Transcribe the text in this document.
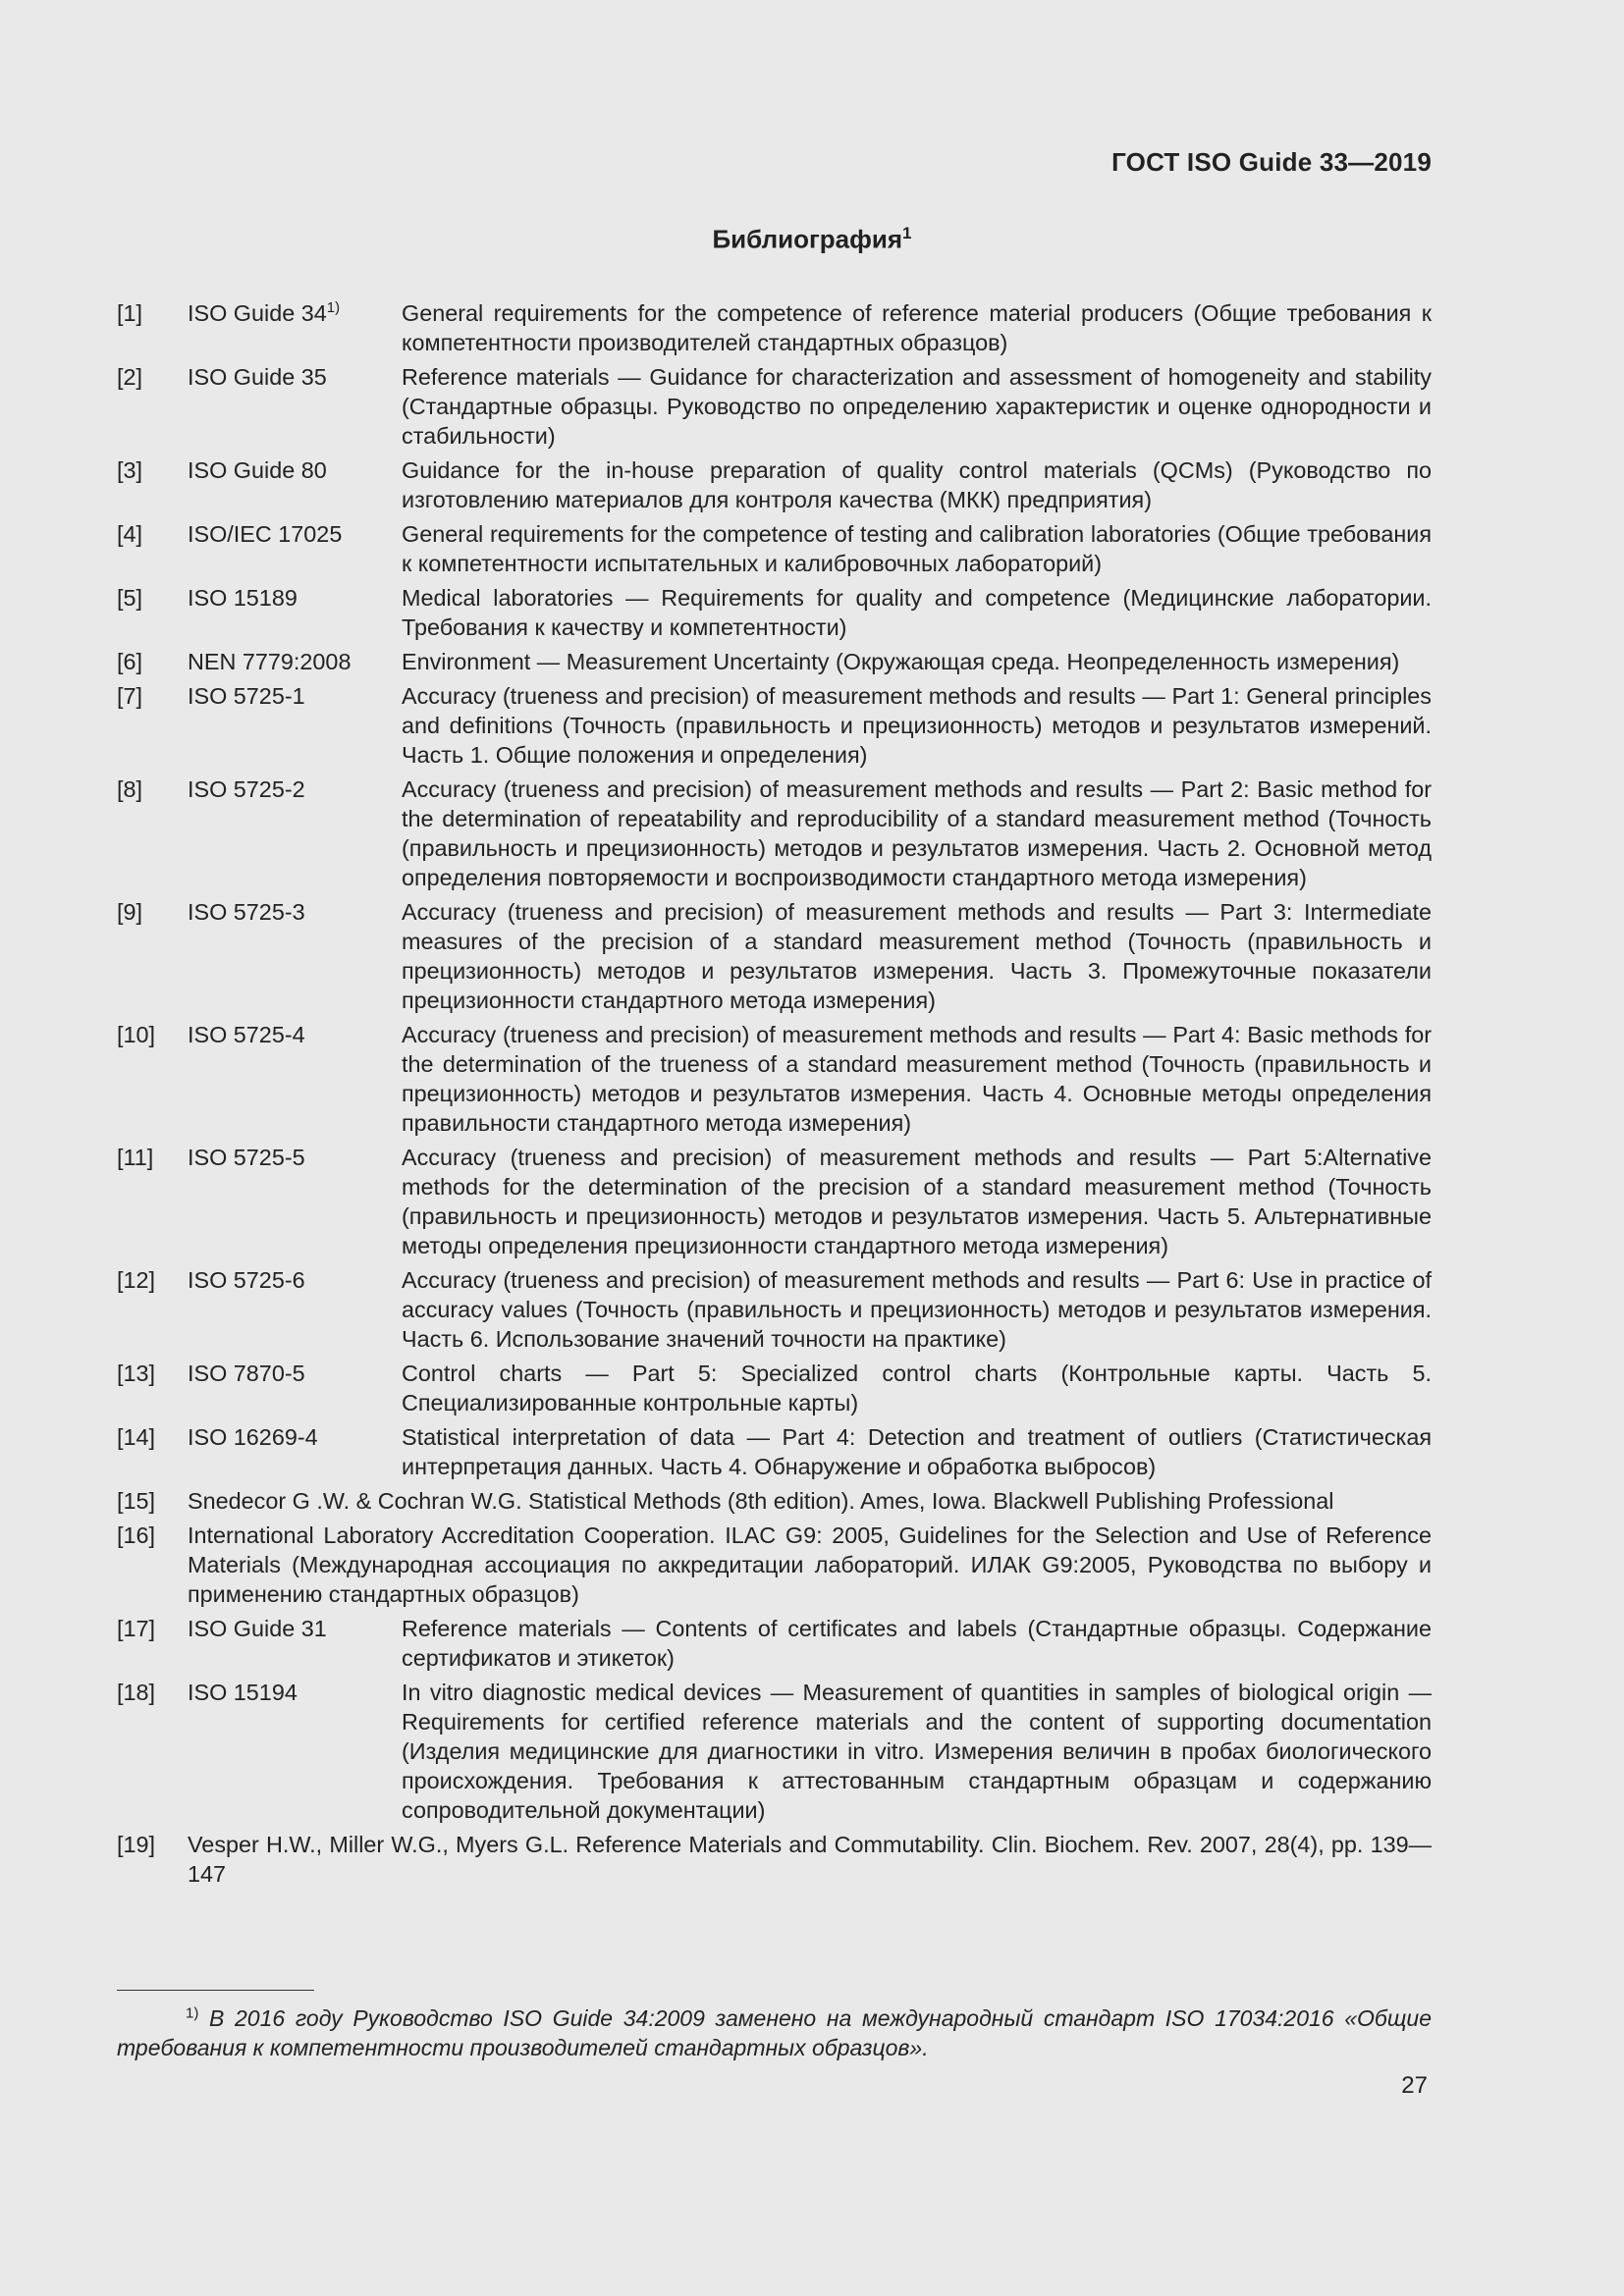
ГОСТ ISO Guide 33—2019
Библиография$^1$
[1]	ISO Guide 34$^{1)}$	General requirements for the competence of reference material producers (Общие требования к компетентности производителей стандартных образцов)
[2]	ISO Guide 35	Reference materials — Guidance for characterization and assessment of homogeneity and stability (Стандартные образцы. Руководство по определению характеристик и оценке однородности и стабильности)
[3]	ISO Guide 80	Guidance for the in-house preparation of quality control materials (QCMs) (Руководство по изготовлению материалов для контроля качества (МКК) предприятия)
[4]	ISO/IEC 17025	General requirements for the competence of testing and calibration laboratories (Общие требования к компетентности испытательных и калибровочных лабораторий)
[5]	ISO 15189	Medical laboratories — Requirements for quality and competence (Медицинские лаборатории. Требования к качеству и компетентности)
[6]	NEN 7779:2008	Environment — Measurement Uncertainty (Окружающая среда. Неопределенность измерения)
[7]	ISO 5725-1	Accuracy (trueness and precision) of measurement methods and results — Part 1: General principles and definitions (Точность (правильность и прецизионность) методов и результатов измерений. Часть 1. Общие положения и определения)
[8]	ISO 5725-2	Accuracy (trueness and precision) of measurement methods and results — Part 2: Basic method for the determination of repeatability and reproducibility of a standard measurement method (Точность (правильность и прецизионность) методов и результатов измерения. Часть 2. Основной метод определения повторяемости и воспроизводимости стандартного метода измерения)
[9]	ISO 5725-3	Accuracy (trueness and precision) of measurement methods and results — Part 3: Intermediate measures of the precision of a standard measurement method (Точность (правильность и прецизионность) методов и результатов измерения. Часть 3. Промежуточные показатели прецизионности стандартного метода измерения)
[10]	ISO 5725-4	Accuracy (trueness and precision) of measurement methods and results — Part 4: Basic methods for the determination of the trueness of a standard measurement method (Точность (правильность и прецизионность) методов и результатов измерения. Часть 4. Основные методы определения правильности стандартного метода измерения)
[11]	ISO 5725-5	Accuracy (trueness and precision) of measurement methods and results — Part 5:Alternative methods for the determination of the precision of a standard measurement method (Точность (правильность и прецизионность) методов и результатов измерения. Часть 5. Альтернативные методы определения прецизионности стандартного метода измерения)
[12]	ISO 5725-6	Accuracy (trueness and precision) of measurement methods and results — Part 6: Use in practice of accuracy values (Точность (правильность и прецизионность) методов и результатов измерения. Часть 6. Использование значений точности на практике)
[13]	ISO 7870-5	Control charts — Part 5: Specialized control charts (Контрольные карты. Часть 5. Специализированные контрольные карты)
[14]	ISO 16269-4	Statistical interpretation of data — Part 4: Detection and treatment of outliers (Статистическая интерпретация данных. Часть 4. Обнаружение и обработка выбросов)
[15]	Snedecor G .W. & Cochran W.G. Statistical Methods (8th edition). Ames, Iowa. Blackwell Publishing Professional
[16]	International Laboratory Accreditation Cooperation. ILAC G9: 2005, Guidelines for the Selection and Use of Reference Materials (Международная ассоциация по аккредитации лабораторий. ИЛАК G9:2005, Руководства по выбору и применению стандартных образцов)
[17]	ISO Guide 31	Reference materials — Contents of certificates and labels (Стандартные образцы. Содержание сертификатов и этикеток)
[18]	ISO 15194	In vitro diagnostic medical devices — Measurement of quantities in samples of biological origin — Requirements for certified reference materials and the content of supporting documentation (Изделия медицинские для диагностики in vitro. Измерения величин в пробах биологического происхождения. Требования к аттестованным стандартным образцам и содержанию сопроводительной документации)
[19]	Vesper H.W., Miller W.G., Myers G.L. Reference Materials and Commutability. Clin. Biochem. Rev. 2007, 28(4), pp. 139—147
$^{1)}$ В 2016 году Руководство ISO Guide 34:2009 заменено на международный стандарт ISO 17034:2016 «Общие требования к компетентности производителей стандартных образцов».
27
